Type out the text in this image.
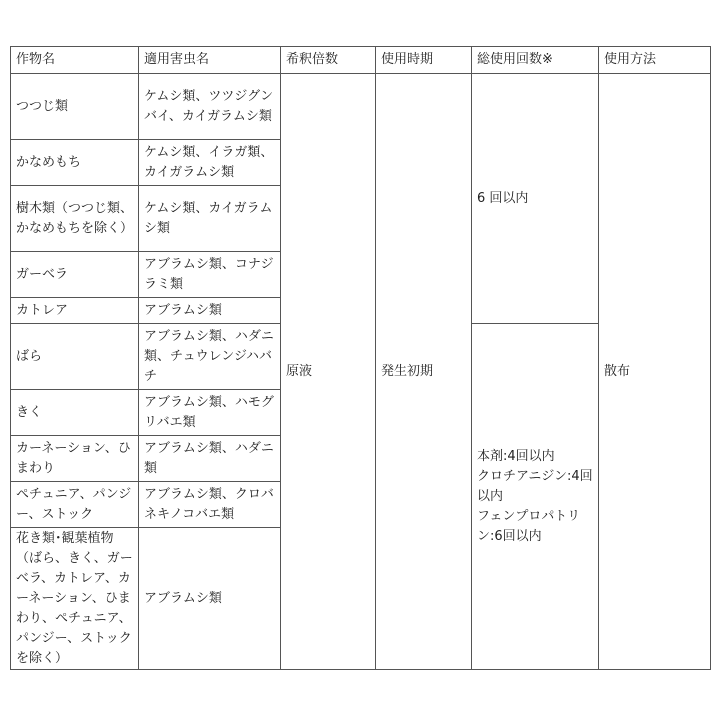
作物名	適用害虫名	希釈倍数	使用時期	総使用回数※	使用方法
つつじ類	ケムシ類、ツツジグンバイ、カイガラムシ類	原液	発生初期	6 回以内	散布
かなめもち	ケムシ類、イラガ類、カイガラムシ類				
樹木類（つつじ類、かなめもちを除く）	ケムシ類、カイガラムシ類				
ガーベラ	アブラムシ類、コナジラミ類				
カトレア	アブラムシ類				
ばら	アブラムシ類、ハダニ類、チュウレンジハバチ			本剤:4回以内
クロチアニジン:4回以内
フェンプロパトリン:6回以内	

きく	アブラムシ類、ハモグリバエ類				
カーネーション、ひまわり	アブラムシ類、ハダニ類				
ペチュニア、パンジー、ストック	アブラムシ類、クロバネキノコバエ類				
花き類･観葉植物（ばら、きく、ガーベラ、カトレア、カーネーション、ひまわり、ペチュニア、パンジー、ストックを除く）	アブラムシ類				
